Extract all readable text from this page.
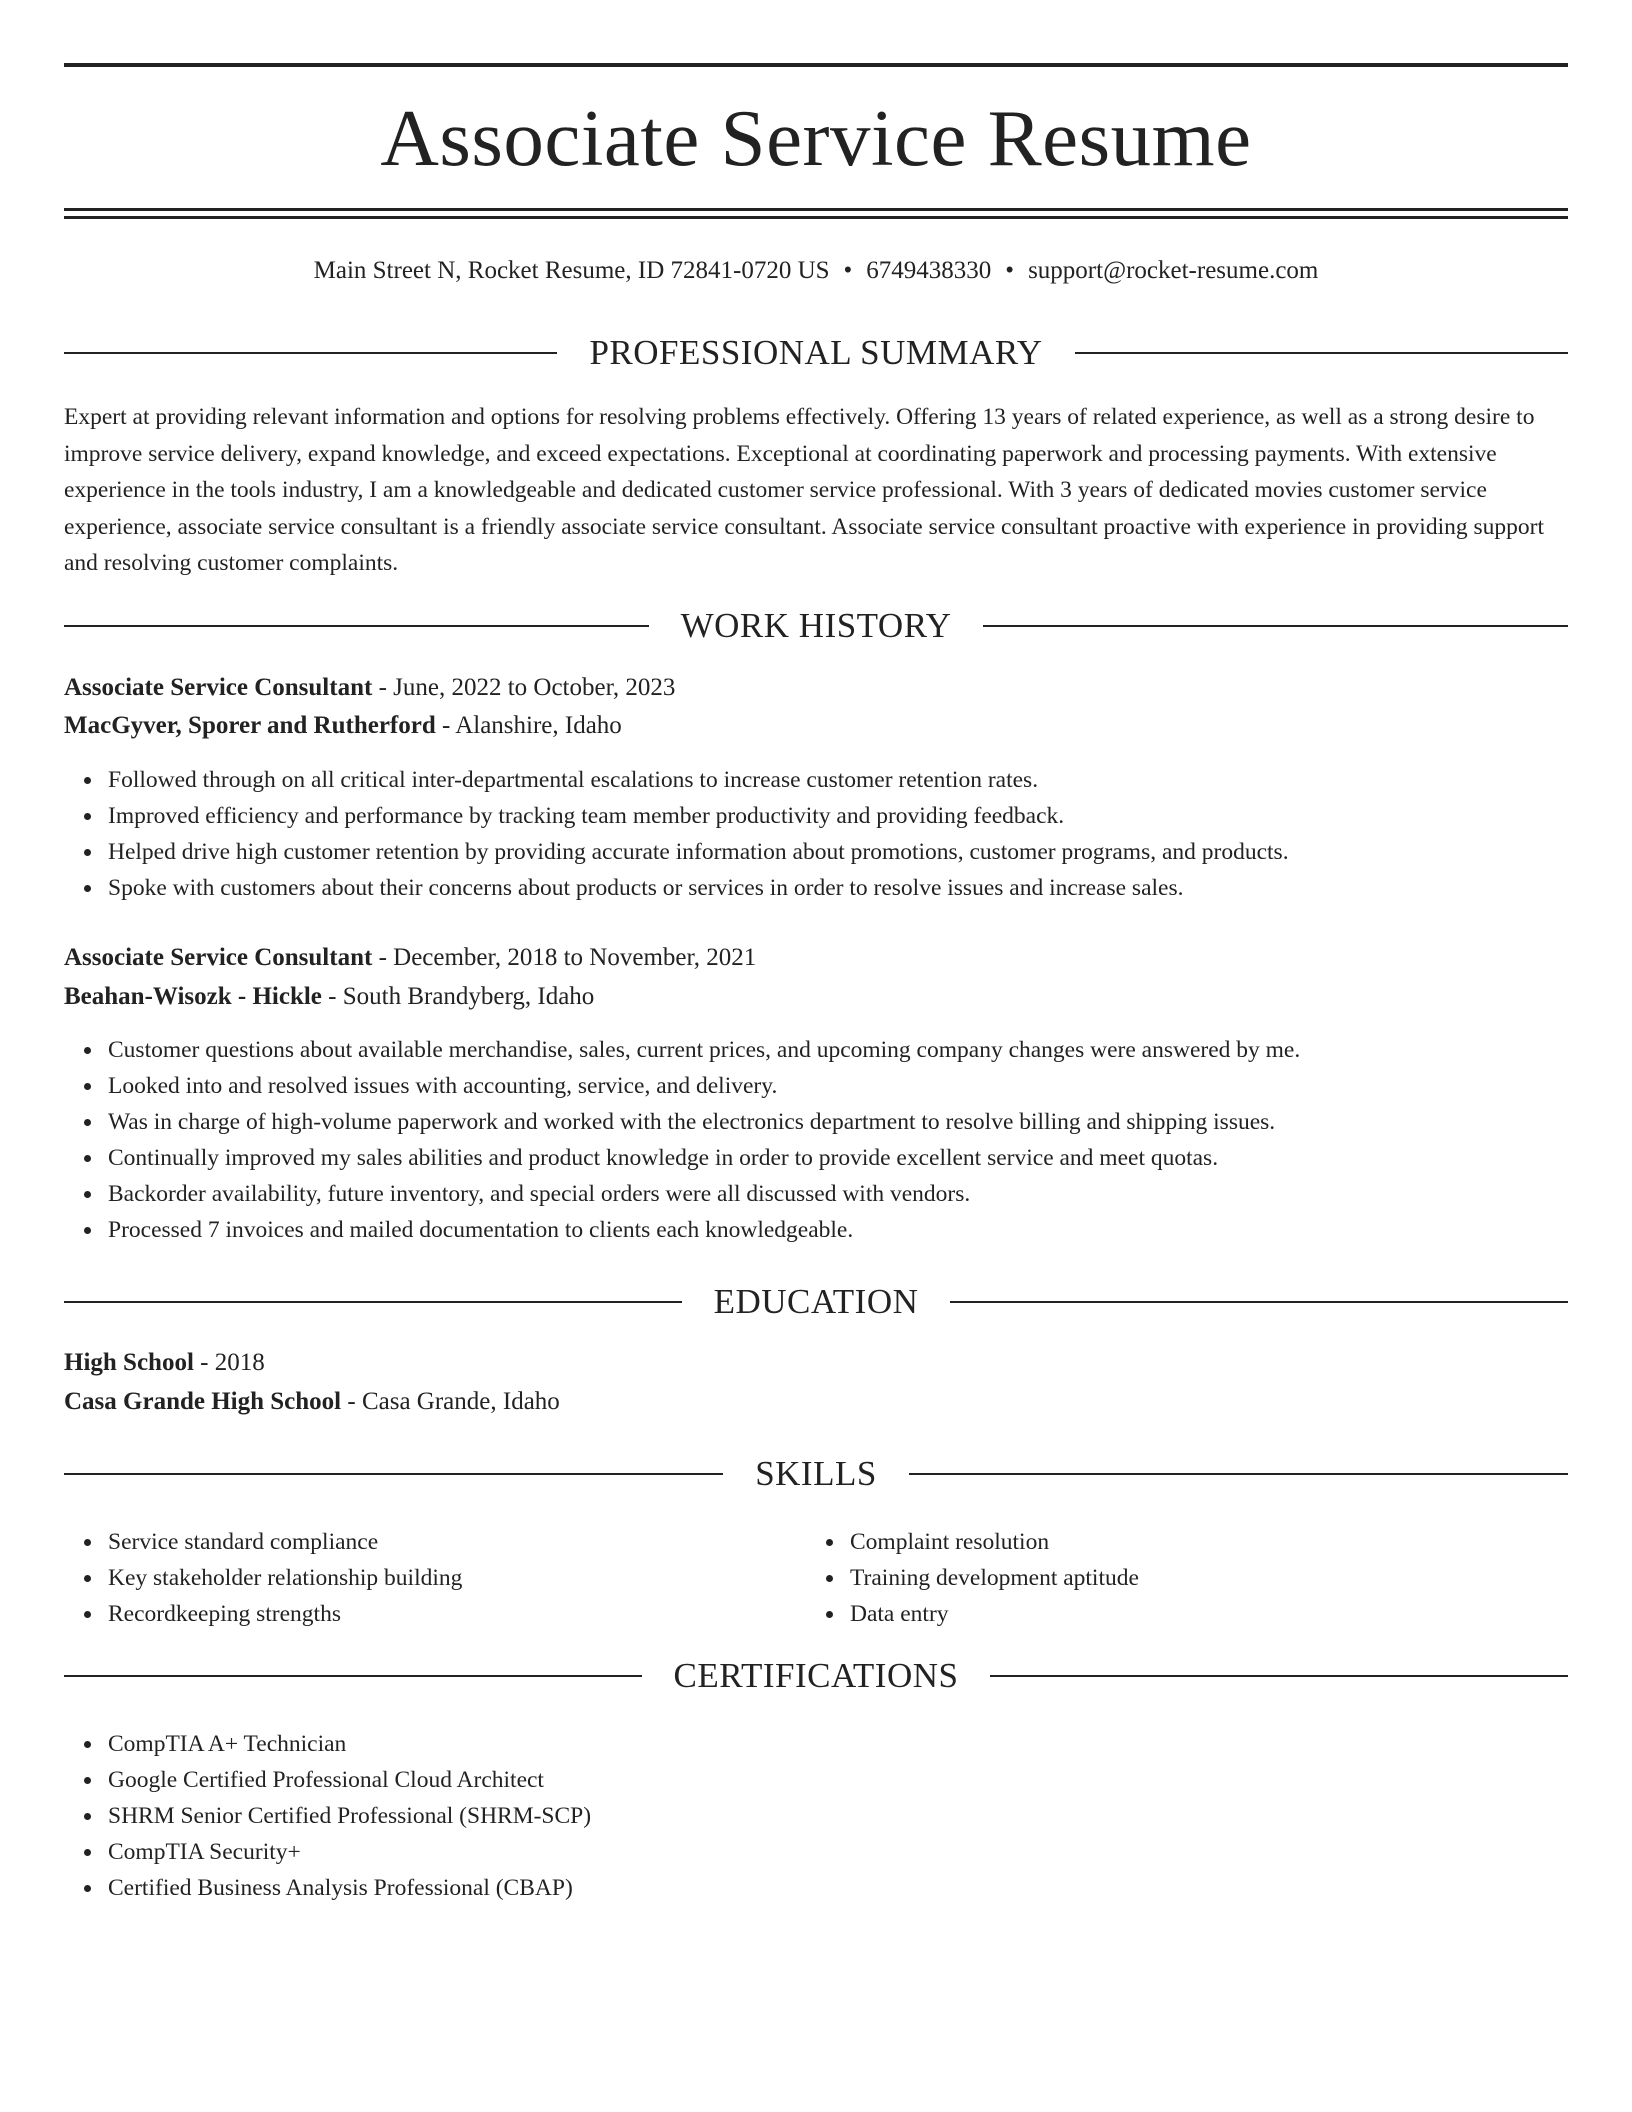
Associate Service Resume
Main Street N, Rocket Resume, ID 72841-0720 US • 6749438330 • support@rocket-resume.com
PROFESSIONAL SUMMARY

Expert at providing relevant information and options for resolving problems effectively. Offering 13 years of related experience, as well as a strong desire to improve service delivery, expand knowledge, and exceed expectations. Exceptional at coordinating paperwork and processing payments. With extensive experience in the tools industry, I am a knowledgeable and dedicated customer service professional. With 3 years of dedicated movies customer service experience, associate service consultant is a friendly associate service consultant. Associate service consultant proactive with experience in providing support and resolving customer complaints.

WORK HISTORY
Associate Service Consultant - June, 2022 to October, 2023
MacGyver, Sporer and Rutherford - Alanshire, Idaho
Followed through on all critical inter-departmental escalations to increase customer retention rates.
Improved efficiency and performance by tracking team member productivity and providing feedback.
Helped drive high customer retention by providing accurate information about promotions, customer programs, and products.
Spoke with customers about their concerns about products or services in order to resolve issues and increase sales.
Associate Service Consultant - December, 2018 to November, 2021
Beahan-Wisozk - Hickle - South Brandyberg, Idaho
Customer questions about available merchandise, sales, current prices, and upcoming company changes were answered by me.
Looked into and resolved issues with accounting, service, and delivery.
Was in charge of high-volume paperwork and worked with the electronics department to resolve billing and shipping issues.
Continually improved my sales abilities and product knowledge in order to provide excellent service and meet quotas.
Backorder availability, future inventory, and special orders were all discussed with vendors.
Processed 7 invoices and mailed documentation to clients each knowledgeable.
EDUCATION
High School - 2018
Casa Grande High School - Casa Grande, Idaho
SKILLS
Service standard compliance
Key stakeholder relationship building
Recordkeeping strengths
Complaint resolution
Training development aptitude
Data entry
CERTIFICATIONS
CompTIA A+ Technician
Google Certified Professional Cloud Architect
SHRM Senior Certified Professional (SHRM-SCP)
CompTIA Security+
Certified Business Analysis Professional (CBAP)
